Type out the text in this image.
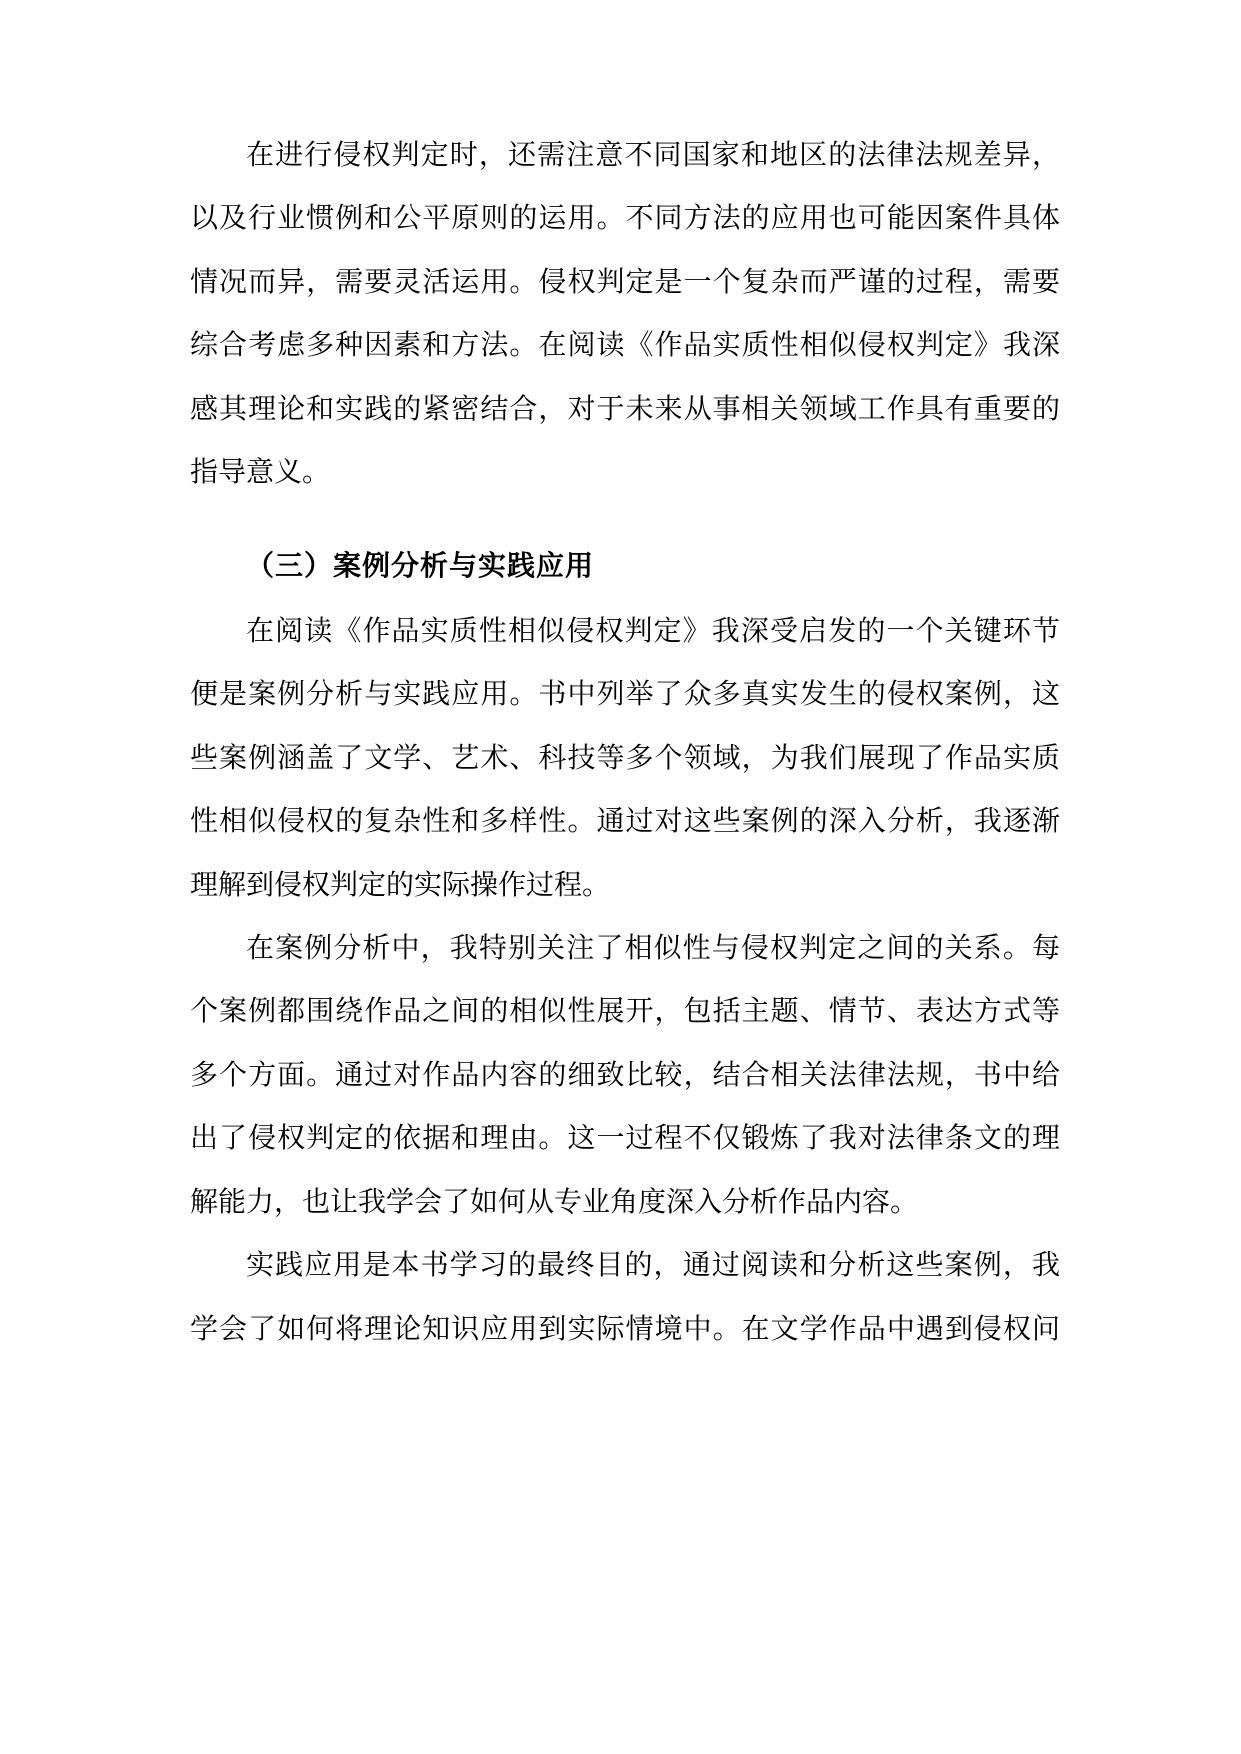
在进行侵权判定时，还需注意不同国家和地区的法律法规差异，
以及行业惯例和公平原则的运用。不同方法的应用也可能因案件具体
情况而异，需要灵活运用。侵权判定是一个复杂而严谨的过程，需要
综合考虑多种因素和方法。在阅读《作品实质性相似侵权判定》我深
感其理论和实践的紧密结合，对于未来从事相关领域工作具有重要的
指导意义。
（三）案例分析与实践应用
在阅读《作品实质性相似侵权判定》我深受启发的一个关键环节
便是案例分析与实践应用。书中列举了众多真实发生的侵权案例，这
些案例涵盖了文学、艺术、科技等多个领域，为我们展现了作品实质
性相似侵权的复杂性和多样性。通过对这些案例的深入分析，我逐渐
理解到侵权判定的实际操作过程。
在案例分析中，我特别关注了相似性与侵权判定之间的关系。每
个案例都围绕作品之间的相似性展开，包括主题、情节、表达方式等
多个方面。通过对作品内容的细致比较，结合相关法律法规，书中给
出了侵权判定的依据和理由。这一过程不仅锻炼了我对法律条文的理
解能力，也让我学会了如何从专业角度深入分析作品内容。
实践应用是本书学习的最终目的，通过阅读和分析这些案例，我
学会了如何将理论知识应用到实际情境中。在文学作品中遇到侵权问
